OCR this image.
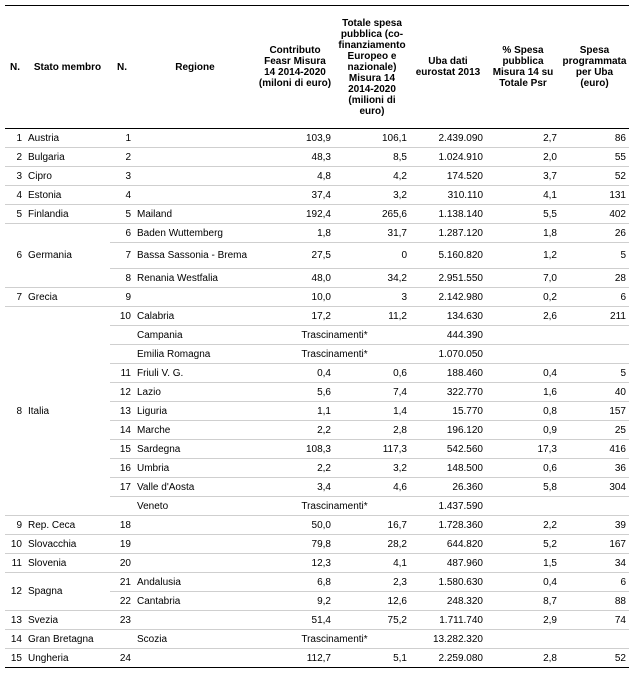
N.	Stato membro	N.	Regione	Contributo Feasr Misura 14 2014-2020 (miloni di euro)	Totale spesa pubblica (co-finanziamento Europeo e nazionale) Misura 14 2014-2020 (milioni di euro)	Uba dati eurostat 2013	% Spesa pubblica Misura 14 su Totale Psr	Spesa programmata per Uba (euro)
1	Austria	1		103,9	106,1	2.439.090	2,7	86
2	Bulgaria	2		48,3	8,5	1.024.910	2,0	55
3	Cipro	3		4,8	4,2	174.520	3,7	52
4	Estonia	4		37,4	3,2	310.110	4,1	131
5	Finlandia	5	Mailand	192,4	265,6	1.138.140	5,5	402
6	Germania	6	Baden Wuttemberg	1,8	31,7	1.287.120	1,8	26
		7	Bassa Sassonia - Brema	27,5	0	5.160.820	1,2	5
		8	Renania Westfalia	48,0	34,2	2.951.550	7,0	28
7	Grecia	9		10,0	3	2.142.980	0,2	6
8	Italia	10	Calabria	17,2	11,2	134.630	2,6	211
			Campania	Trascinamenti*		444.390		
			Emilia Romagna	Trascinamenti*		1.070.050		
		11	Friuli V. G.	0,4	0,6	188.460	0,4	5
		12	Lazio	5,6	7,4	322.770	1,6	40
		13	Liguria	1,1	1,4	15.770	0,8	157
		14	Marche	2,2	2,8	196.120	0,9	25
		15	Sardegna	108,3	117,3	542.560	17,3	416
		16	Umbria	2,2	3,2	148.500	0,6	36
		17	Valle d'Aosta	3,4	4,6	26.360	5,8	304
			Veneto	Trascinamenti*		1.437.590		
9	Rep. Ceca	18		50,0	16,7	1.728.360	2,2	39
10	Slovacchia	19		79,8	28,2	644.820	5,2	167
11	Slovenia	20		12,3	4,1	487.960	1,5	34
12	Spagna	21	Andalusia	6,8	2,3	1.580.630	0,4	6
		22	Cantabria	9,2	12,6	248.320	8,7	88
13	Svezia	23		51,4	75,2	1.711.740	2,9	74
14	Gran Bretagna		Scozia	Trascinamenti*		13.282.320		
15	Ungheria	24		112,7	5,1	2.259.080	2,8	52
